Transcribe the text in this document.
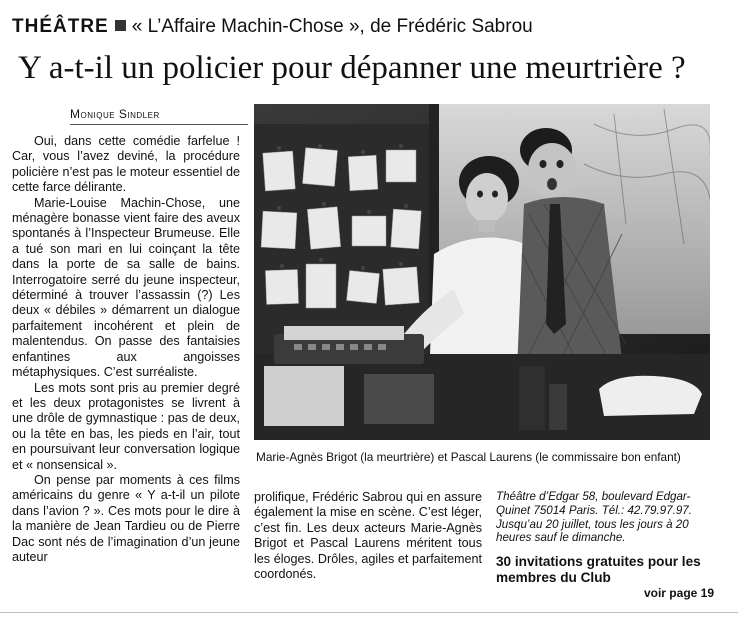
THÉÂTRE « L’Affaire Machin-Chose », de Frédéric Sabrou
Y a-t-il un policier pour dépanner une meurtrière ?
Monique Sindler

Oui, dans cette comédie farfelue ! Car, vous l’avez deviné, la procédure policière n’est pas le moteur essentiel de cette farce délirante.

Marie-Louise Machin-Chose, une ménagère bonasse vient faire des aveux spontanés à l’Inspecteur Brumeuse. Elle a tué son mari en lui coinçant la tête dans la porte de sa salle de bains. Interrogatoire serré du jeune inspecteur, déterminé à trouver l’assassin (?) Les deux « débiles » démarrent un dialogue parfaitement incohérent et plein de malentendus. On passe des fantaisies enfantines aux angoisses métaphysiques. C’est surréaliste.

Les mots sont pris au premier degré et les deux protagonistes se livrent à une drôle de gymnastique : pas de deux, ou la tête en bas, les pieds en l’air, tout en poursuivant leur conversation logique et « nonsensical ».

On pense par moments à ces films américains du genre « Y a-t-il un pilote dans l’avion ? ». Ces mots pour le dire à la manière de Jean Tardieu ou de Pierre Dac sont nés de l’imagination d’un jeune auteur

Marie-Agnès Brigot (la meurtrière) et Pascal Laurens (le commissaire bon enfant)

prolifique, Frédéric Sabrou qui en assure également la mise en scène. C’est léger, c’est fin. Les deux acteurs Marie-Agnès Brigot et Pascal Laurens méritent tous les éloges. Drôles, agiles et parfaitement coordonés.

Théâtre d’Edgar 58, boulevard Edgar-Quinet 75014 Paris. Tél.: 42.79.97.97. Jusqu’au 20 juillet, tous les jours à 20 heures sauf le dimanche.
30 invitations gratuites pour les membres du Club
voir page 19
